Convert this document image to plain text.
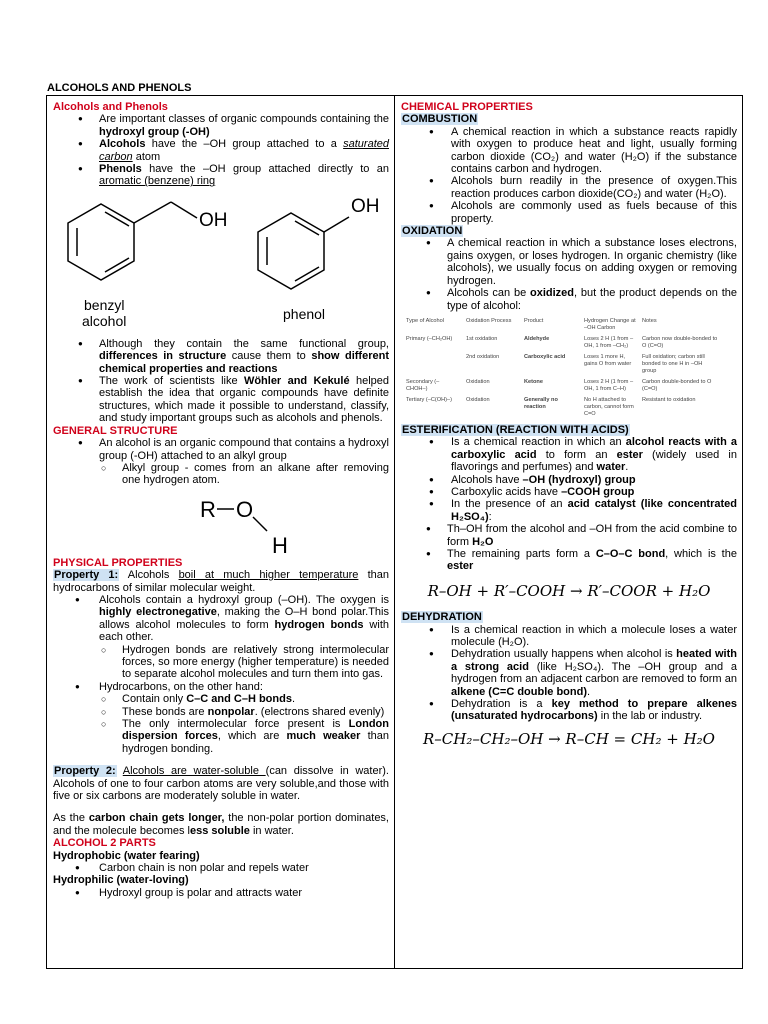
ALCOHOLS AND PHENOLS
Alcohols and Phenols
● Are important classes of organic compounds containing the hydroxyl group (-OH)
● Alcohols have the –OH group attached to a saturated carbon atom
● Phenols have the –OH group attached directly to an aromatic (benzene) ring
OH
OH
benzyl
alcohol	phenol
● Although they contain the same functional group, differences in structure cause them to show different chemical properties and reactions
● The work of scientists like Wöhler and Kekulé helped establish the idea that organic compounds have definite structures, which made it possible to understand, classify, and study important groups such as alcohols and phenols.
GENERAL STRUCTURE
● An alcohol is an organic compound that contains a hydroxyl group (-OH) attached to an alkyl group
○ Alkyl group - comes from an alkane after removing one hydrogen atom.
R O
H
PHYSICAL PROPERTIES
Property 1: Alcohols boil at much higher temperature than hydrocarbons of similar molecular weight.
● Alcohols contain a hydroxyl group (–OH). The oxygen is highly electronegative, making the O–H bond polar.This allows alcohol molecules to form hydrogen bonds with each other.
○ Hydrogen bonds are relatively strong intermolecular forces, so more energy (higher temperature) is needed to separate alcohol molecules and turn them into gas.
● Hydrocarbons, on the other hand:
○ Contain only C–C and C–H bonds.
○ These bonds are nonpolar. (electrons shared evenly)
○ The only intermolecular force present is London dispersion forces, which are much weaker than hydrogen bonding.
Property 2: Alcohols are water-soluble (can dissolve in water). Alcohols of one to four carbon atoms are very soluble,and those with five or six carbons are moderately soluble in water.
As the carbon chain gets longer, the non-polar portion dominates, and the molecule becomes less soluble in water.
ALCOHOL 2 PARTS
Hydrophobic (water fearing)
● Carbon chain is non polar and repels water
Hydrophilic (water-loving)
● Hydroxyl group is polar and attracts water
CHEMICAL PROPERTIES
COMBUSTION
● A chemical reaction in which a substance reacts rapidly with oxygen to produce heat and light, usually forming carbon dioxide (CO₂) and water (H₂O) if the substance contains carbon and hydrogen.
● Alcohols burn readily in the presence of oxygen.This reaction produces carbon dioxide(CO₂) and water (H₂O).
● Alcohols are commonly used as fuels because of this property.
OXIDATION
● A chemical reaction in which a substance loses electrons, gains oxygen, or loses hydrogen. In organic chemistry (like alcohols), we usually focus on adding oxygen or removing hydrogen.
● Alcohols can be oxidized, but the product depends on the type of alcohol:
Type of Alcohol	Oxidation Process	Product	Hydrogen Change at –OH Carbon	Notes
Primary (–CH₂OH)	1st oxidation	Aldehyde	Loses 2 H (1 from –OH, 1 from –CH₂)	Carbon now double-bonded to O (C=O)
	2nd oxidation	Carboxylic acid	Loses 1 more H, gains O from water	Full oxidation; carbon still bonded to one H in –OH group
Secondary (–CHOH–)	Oxidation	Ketone	Loses 2 H (1 from –OH, 1 from C–H)	Carbon double-bonded to O (C=O)
Tertiary (–C(OH)–)	Oxidation	Generally no reaction	No H attached to carbon, cannot form C=O	Resistant to oxidation
ESTERIFICATION (REACTION WITH ACIDS)
● Is a chemical reaction in which an alcohol reacts with a carboxylic acid to form an ester (widely used in flavorings and perfumes) and water.
● Alcohols have –OH (hydroxyl) group
● Carboxylic acids have –COOH group
● In the presence of an acid catalyst (like concentrated H₂SO₄):
● Th–OH from the alcohol and –OH from the acid combine to form H₂O
● The remaining parts form a C–O–C bond, which is the ester
R–OH + R′–COOH → R′–COOR + H₂O
DEHYDRATION
● Is a chemical reaction in which a molecule loses a water molecule (H₂O).
● Dehydration usually happens when alcohol is heated with a strong acid (like H₂SO₄). The –OH group and a hydrogen from an adjacent carbon are removed to form an alkene (C=C double bond).
● Dehydration is a key method to prepare alkenes (unsaturated hydrocarbons) in the lab or industry.
R–CH₂–CH₂–OH → R–CH = CH₂ + H₂O
